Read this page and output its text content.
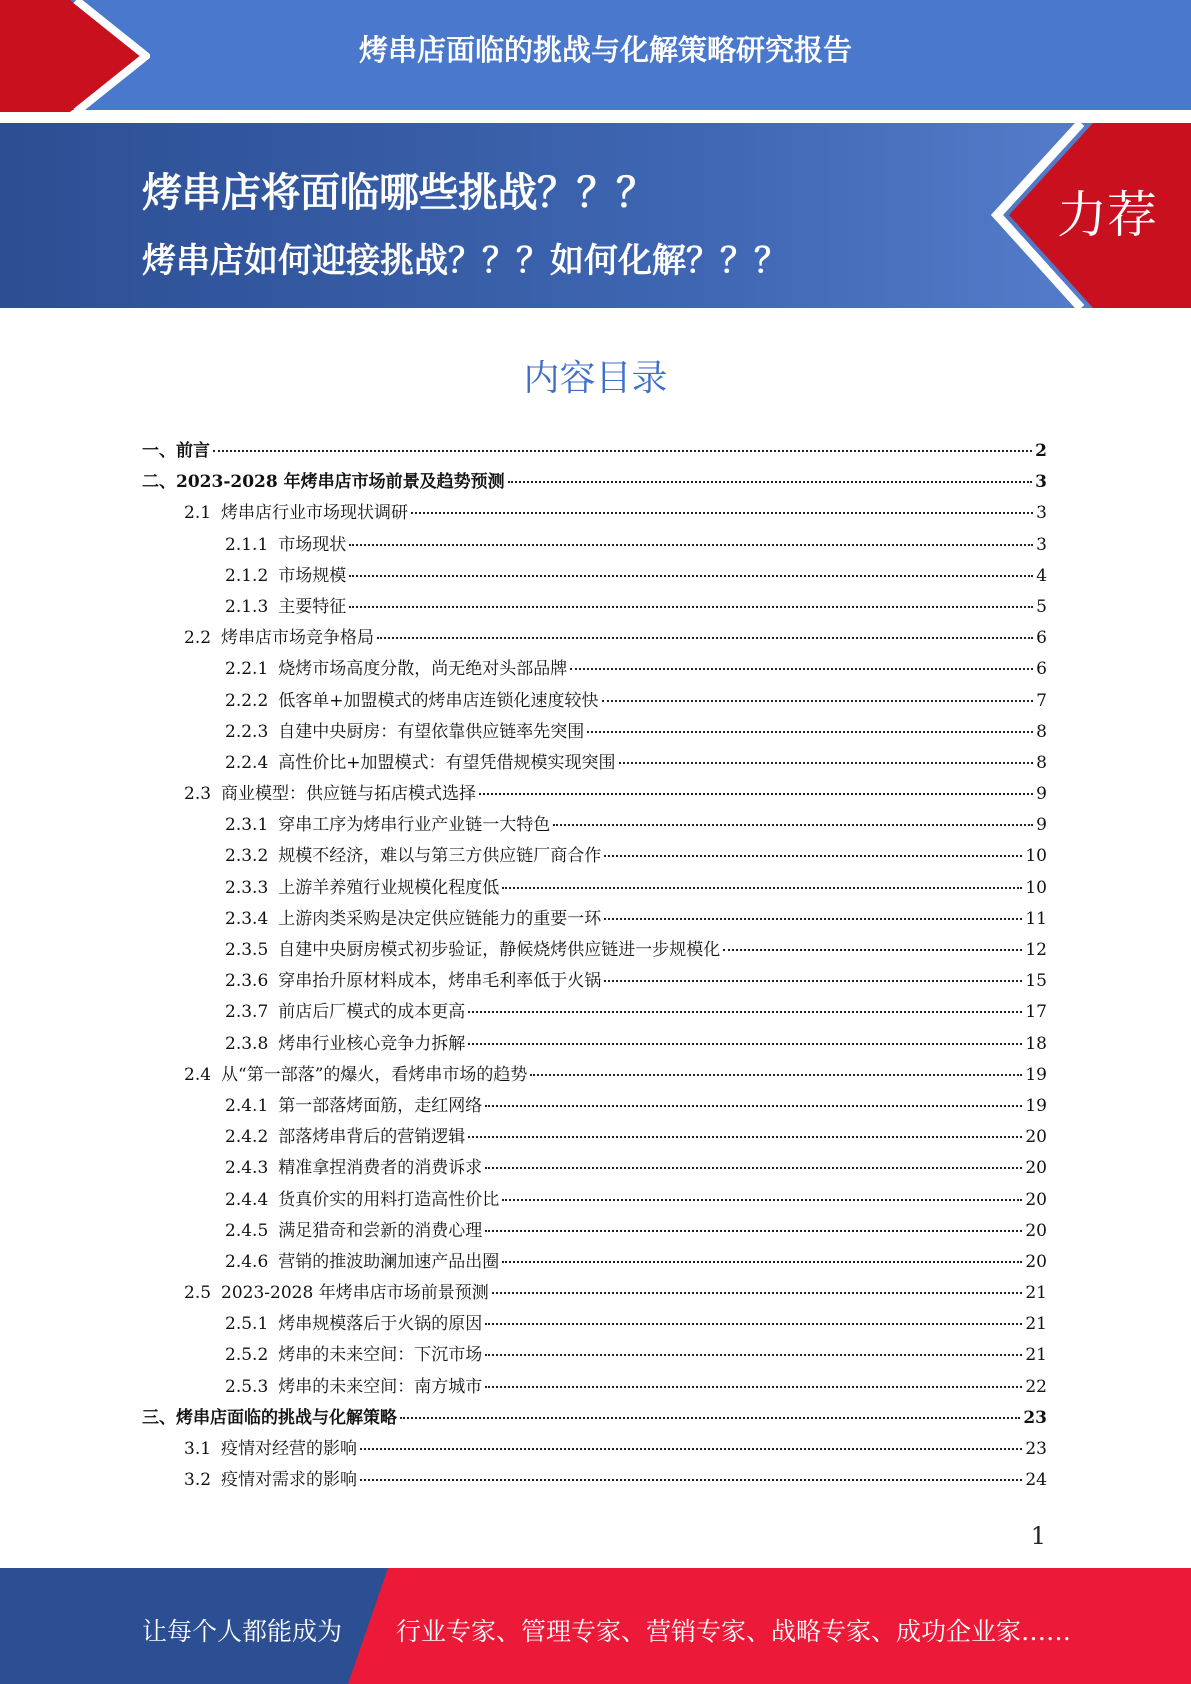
烤串店面临的挑战与化解策略研究报告
烤串店将面临哪些挑战？？？
烤串店如何迎接挑战？？？如何化解？？？
力荐
内容目录
一、 前言	2
二、 2023-2028 年烤串店市场前景及趋势预测	3
2.1 烤串店行业市场现状调研	3
2.1.1 市场现状	3
2.1.2 市场规模	4
2.1.3 主要特征	5
2.2 烤串店市场竞争格局	6
2.2.1 烧烤市场高度分散，尚无绝对头部品牌	6
2.2.2 低客单+加盟模式的烤串店连锁化速度较快	7
2.2.3 自建中央厨房：有望依靠供应链率先突围	8
2.2.4 高性价比+加盟模式：有望凭借规模实现突围	8
2.3 商业模型：供应链与拓店模式选择	9
2.3.1 穿串工序为烤串行业产业链一大特色	9
2.3.2 规模不经济，难以与第三方供应链厂商合作	10
2.3.3 上游羊养殖行业规模化程度低	10
2.3.4 上游肉类采购是决定供应链能力的重要一环	11
2.3.5 自建中央厨房模式初步验证，静候烧烤供应链进一步规模化	12
2.3.6 穿串抬升原材料成本，烤串毛利率低于火锅	15
2.3.7 前店后厂模式的成本更高	17
2.3.8 烤串行业核心竞争力拆解	18
2.4 从“第一部落”的爆火，看烤串市场的趋势	19
2.4.1 第一部落烤面筋，走红网络	19
2.4.2 部落烤串背后的营销逻辑	20
2.4.3 精准拿捏消费者的消费诉求	20
2.4.4 货真价实的用料打造高性价比	20
2.4.5 满足猎奇和尝新的消费心理	20
2.4.6 营销的推波助澜加速产品出圈	20
2.5 2023-2028 年烤串店市场前景预测	21
2.5.1 烤串规模落后于火锅的原因	21
2.5.2 烤串的未来空间：下沉市场	21
2.5.3 烤串的未来空间：南方城市	22
三、 烤串店面临的挑战与化解策略	23
3.1 疫情对经营的影响	23
3.2 疫情对需求的影响	24
1
行业专家、管理专家、营销专家、战略专家、成功企业家……
让每个人都能成为
